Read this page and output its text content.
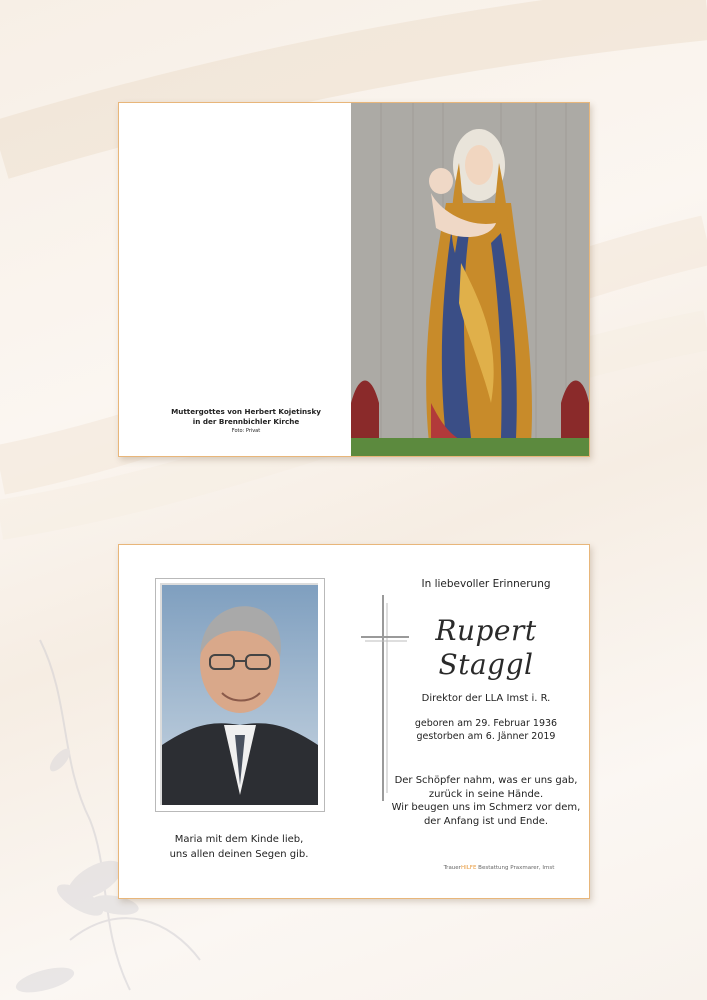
Muttergottes von Herbert Kojetinsky
in der Brennbichler Kirche
Foto: Privat
Maria mit dem Kinde lieb,
uns allen deinen Segen gib.
In liebevoller Erinnerung
Rupert
Staggl
Direktor der LLA Imst i. R.
geboren am 29. Februar 1936
gestorben am 6. Jänner 2019
Der Schöpfer nahm, was er uns gab,
zurück in seine Hände.
Wir beugen uns im Schmerz vor dem,
der Anfang ist und Ende.
TrauerHILFE Bestattung Praxmarer, Imst
